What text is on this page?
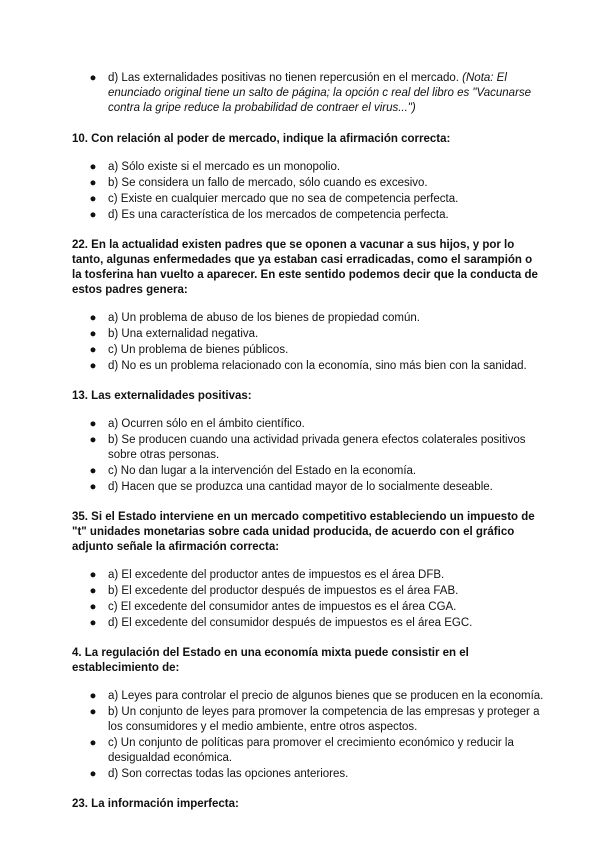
● d) Las externalidades positivas no tienen repercusión en el mercado. (Nota: El enunciado original tiene un salto de página; la opción c real del libro es "Vacunarse contra la gripe reduce la probabilidad de contraer el virus...")

10. Con relación al poder de mercado, indique la afirmación correcta:

● a) Sólo existe si el mercado es un monopolio.
● b) Se considera un fallo de mercado, sólo cuando es excesivo.
● c) Existe en cualquier mercado que no sea de competencia perfecta.
● d) Es una característica de los mercados de competencia perfecta.

22. En la actualidad existen padres que se oponen a vacunar a sus hijos, y por lo tanto, algunas enfermedades que ya estaban casi erradicadas, como el sarampión o la tosferina han vuelto a aparecer. En este sentido podemos decir que la conducta de estos padres genera:

● a) Un problema de abuso de los bienes de propiedad común.
● b) Una externalidad negativa.
● c) Un problema de bienes públicos.
● d) No es un problema relacionado con la economía, sino más bien con la sanidad.

13. Las externalidades positivas:

● a) Ocurren sólo en el ámbito científico.
● b) Se producen cuando una actividad privada genera efectos colaterales positivos sobre otras personas.
● c) No dan lugar a la intervención del Estado en la economía.
● d) Hacen que se produzca una cantidad mayor de lo socialmente deseable.

35. Si el Estado interviene en un mercado competitivo estableciendo un impuesto de "t" unidades monetarias sobre cada unidad producida, de acuerdo con el gráfico adjunto señale la afirmación correcta:

● a) El excedente del productor antes de impuestos es el área DFB.
● b) El excedente del productor después de impuestos es el área FAB.
● c) El excedente del consumidor antes de impuestos es el área CGA.
● d) El excedente del consumidor después de impuestos es el área EGC.

4. La regulación del Estado en una economía mixta puede consistir en el establecimiento de:

● a) Leyes para controlar el precio de algunos bienes que se producen en la economía.
● b) Un conjunto de leyes para promover la competencia de las empresas y proteger a los consumidores y el medio ambiente, entre otros aspectos.
● c) Un conjunto de políticas para promover el crecimiento económico y reducir la desigualdad económica.
● d) Son correctas todas las opciones anteriores.

23. La información imperfecta:
